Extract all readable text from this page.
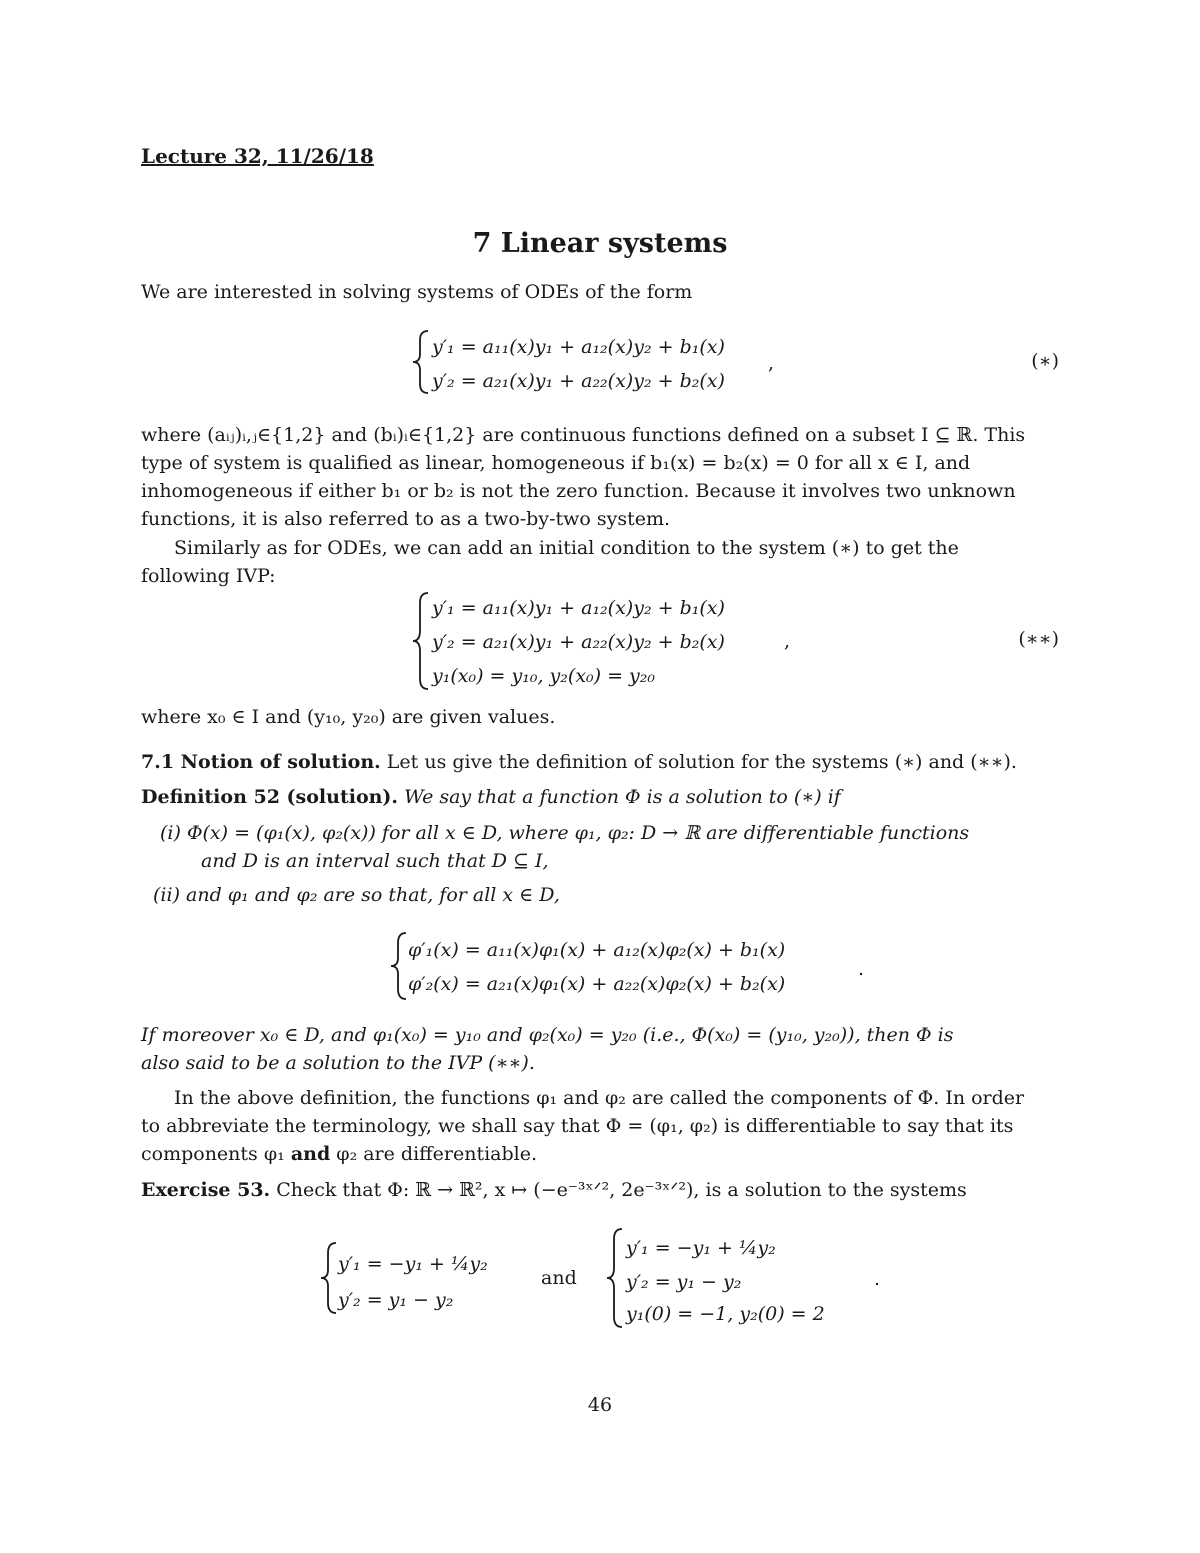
Lecture 32, 11/26/18
7 Linear systems
We are interested in solving systems of ODEs of the form
y′₁ = a₁₁(x)y₁ + a₁₂(x)y₂ + b₁(x)
y′₂ = a₂₁(x)y₁ + a₂₂(x)y₂ + b₂(x)
,	(∗)
where (aᵢⱼ)ᵢ,ⱼ∈{1,2} and (bᵢ)ᵢ∈{1,2} are continuous functions defined on a subset I ⊆ ℝ. This
type of system is qualified as linear, homogeneous if b₁(x) = b₂(x) = 0 for all x ∈ I, and
inhomogeneous if either b₁ or b₂ is not the zero function. Because it involves two unknown
functions, it is also referred to as a two-by-two system.
Similarly as for ODEs, we can add an initial condition to the system (∗) to get the
following IVP:
y′₁ = a₁₁(x)y₁ + a₁₂(x)y₂ + b₁(x)
y′₂ = a₂₁(x)y₁ + a₂₂(x)y₂ + b₂(x)
y₁(x₀) = y₁₀, y₂(x₀) = y₂₀
,	(∗∗)
where x₀ ∈ I and (y₁₀, y₂₀) are given values.
7.1 Notion of solution. Let us give the definition of solution for the systems (∗) and (∗∗).
Definition 52 (solution). We say that a function Φ is a solution to (∗) if
(i) Φ(x) = (φ₁(x), φ₂(x)) for all x ∈ D, where φ₁, φ₂: D → ℝ are differentiable functions
and D is an interval such that D ⊆ I,
(ii) and φ₁ and φ₂ are so that, for all x ∈ D,
φ′₁(x) = a₁₁(x)φ₁(x) + a₁₂(x)φ₂(x) + b₁(x)
φ′₂(x) = a₂₁(x)φ₁(x) + a₂₂(x)φ₂(x) + b₂(x)
.
If moreover x₀ ∈ D, and φ₁(x₀) = y₁₀ and φ₂(x₀) = y₂₀ (i.e., Φ(x₀) = (y₁₀, y₂₀)), then Φ is
also said to be a solution to the IVP (∗∗).
In the above definition, the functions φ₁ and φ₂ are called the components of Φ. In order
to abbreviate the terminology, we shall say that Φ = (φ₁, φ₂) is differentiable to say that its
components φ₁ and φ₂ are differentiable.
Exercise 53. Check that Φ: ℝ → ℝ², x ↦ (−e⁻³ˣᐟ², 2e⁻³ˣᐟ²), is a solution to the systems
y′₁ = −y₁ + ¼y₂
y′₂ = y₁ − y₂
and
y′₁ = −y₁ + ¼y₂
y′₂ = y₁ − y₂
y₁(0) = −1, y₂(0) = 2
.
46
